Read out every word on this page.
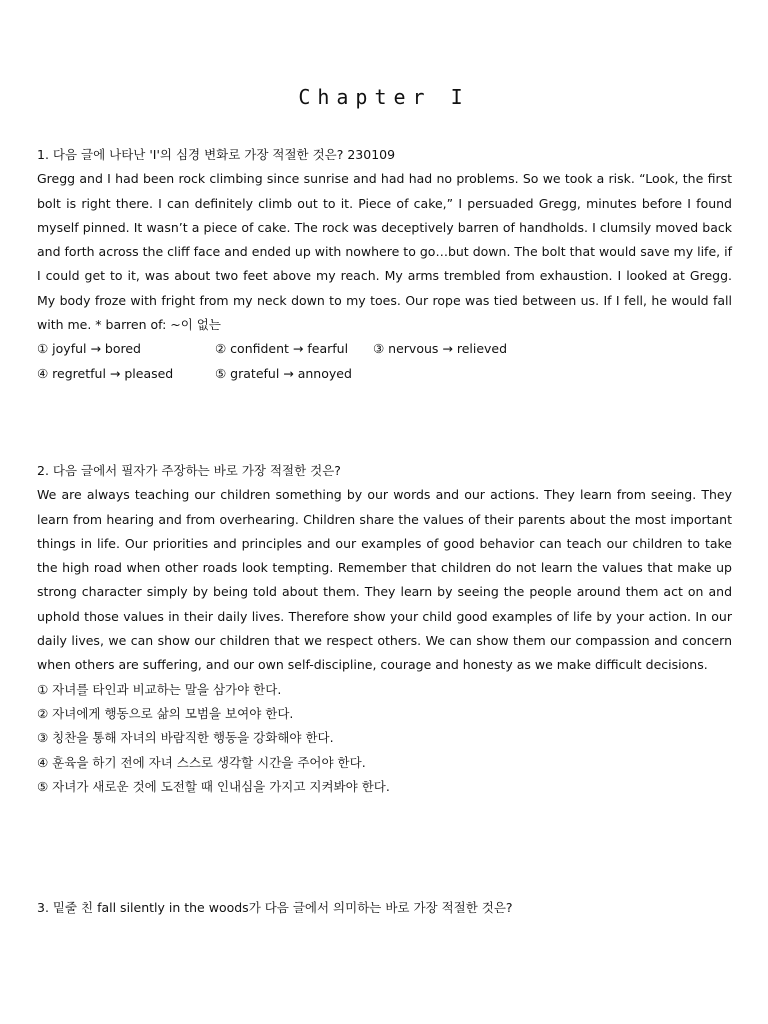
Chapter I
1. 다음 글에 나타난 'I'의 심경 변화로 가장 적절한 것은? 230109

Gregg and I had been rock climbing since sunrise and had had no problems. So we took a risk. “Look, the first bolt is right there. I can definitely climb out to it. Piece of cake,” I persuaded Gregg, minutes before I found myself pinned. It wasn’t a piece of cake. The rock was deceptively barren of handholds. I clumsily moved back and forth across the cliff face and ended up with nowhere to go…but down. The bolt that would save my life, if I could get to it, was about two feet above my reach. My arms trembled from exhaustion. I looked at Gregg. My body froze with fright from my neck down to my toes. Our rope was tied between us. If I fell, he would fall with me. * barren of: ~이 없는

① joyful → bored	② confident → fearful	③ nervous → relieved
④ regretful → pleased	⑤ grateful → annoyed
2. 다음 글에서 필자가 주장하는 바로 가장 적절한 것은?

We are always teaching our children something by our words and our actions. They learn from seeing. They learn from hearing and from overhearing. Children share the values of their parents about the most important things in life. Our priorities and principles and our examples of good behavior can teach our children to take the high road when other roads look tempting. Remember that children do not learn the values that make up strong character simply by being told about them. They learn by seeing the people around them act on and uphold those values in their daily lives. Therefore show your child good examples of life by your action. In our daily lives, we can show our children that we respect others. We can show them our compassion and concern when others are suffering, and our own self-discipline, courage and honesty as we make difficult decisions.

① 자녀를 타인과 비교하는 말을 삼가야 한다.
② 자녀에게 행동으로 삶의 모범을 보여야 한다.
③ 칭찬을 통해 자녀의 바람직한 행동을 강화해야 한다.
④ 훈육을 하기 전에 자녀 스스로 생각할 시간을 주어야 한다.
⑤ 자녀가 새로운 것에 도전할 때 인내심을 가지고 지켜봐야 한다.
3. 밑줄 친 fall silently in the woods가 다음 글에서 의미하는 바로 가장 적절한 것은?
